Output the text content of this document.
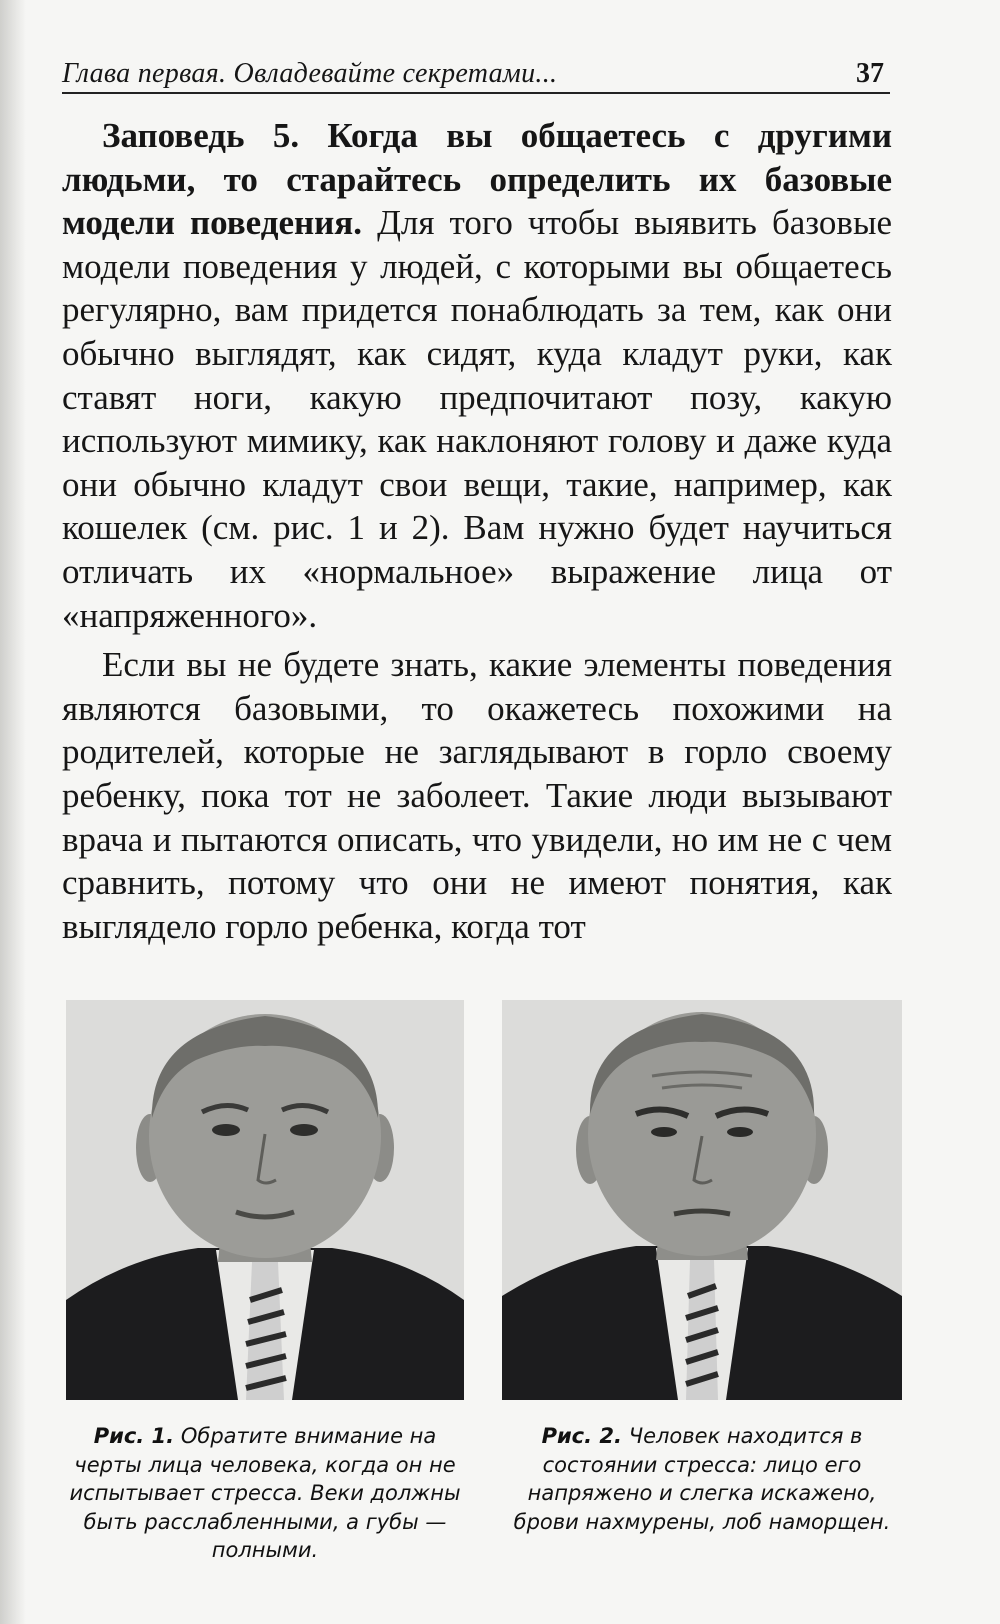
Глава первая. Овладевайте секретами...	37

Заповедь 5. Когда вы общаетесь с другими людьми, то старайтесь определить их базовые модели поведения. Для того чтобы выявить базовые модели поведения у людей, с которыми вы общаетесь регулярно, вам придется понаблюдать за тем, как они обычно выглядят, как сидят, куда кладут руки, как ставят ноги, какую предпочитают позу, какую используют мимику, как наклоняют голову и даже куда они обычно кладут свои вещи, такие, например, как кошелек (см. рис. 1 и 2). Вам нужно будет научиться отличать их «нормальное» выражение лица от «напряженного».

Если вы не будете знать, какие элементы поведения являются базовыми, то окажетесь похожими на родителей, которые не заглядывают в горло своему ребенку, пока тот не заболеет. Такие люди вызывают врача и пытаются описать, что увидели, но им не с чем сравнить, потому что они не имеют понятия, как выглядело горло ребенка, когда тот

Рис. 1. Обратите внимание на черты лица человека, когда он не испытывает стресса. Веки должны быть расслабленными, а губы — полными.
Рис. 2. Человек находится в состоянии стресса: лицо его напряжено и слегка искажено, брови нахмурены, лоб наморщен.
